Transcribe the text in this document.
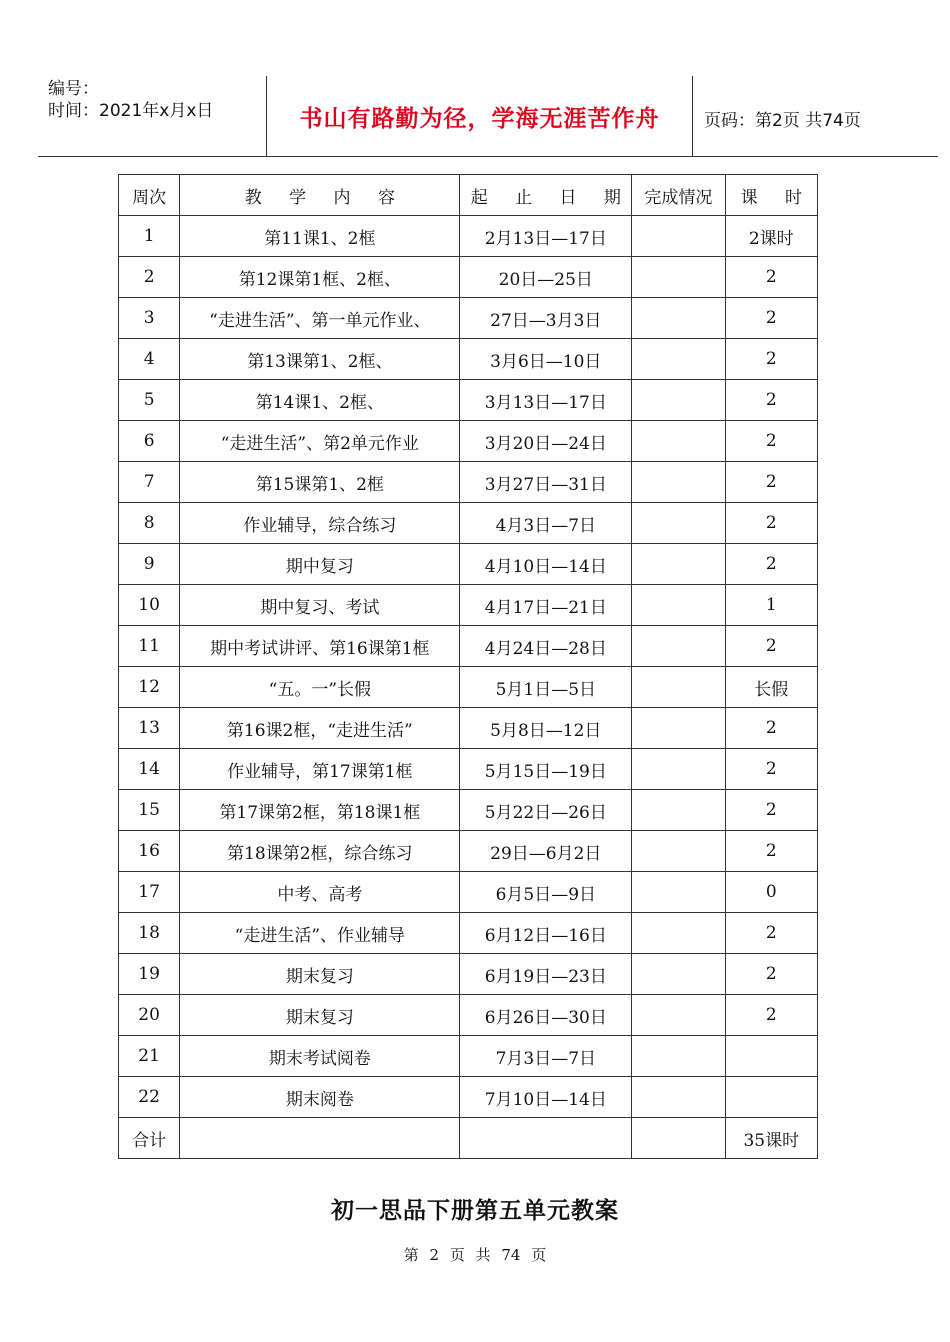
编号：
时间：2021年x月x日	书山有路勤为径，学海无涯苦作舟	页码：第2页 共74页
周次	教 学 内 容	起 止 日 期	完成情况	课 时
1	第11课1、2框	2月13日—17日		2课时
2	第12课第1框、2框、	20日—25日		2
3	“走进生活”、第一单元作业、	27日—3月3日		2
4	第13课第1、2框、	3月6日—10日		2
5	第14课1、2框、	3月13日—17日		2
6	“走进生活”、第2单元作业	3月20日—24日		2
7	第15课第1、2框	3月27日—31日		2
8	作业辅导，综合练习	4月3日—7日		2
9	期中复习	4月10日—14日		2
10	期中复习、考试	4月17日—21日		1
11	期中考试讲评、第16课第1框	4月24日—28日		2
12	“五。一”长假	5月1日—5日		长假
13	第16课2框，“走进生活”	5月8日—12日		2
14	作业辅导，第17课第1框	5月15日—19日		2
15	第17课第2框，第18课1框	5月22日—26日		2
16	第18课第2框，综合练习	29日—6月2日		2
17	中考、高考	6月5日—9日		0
18	“走进生活”、作业辅导	6月12日—16日		2
19	期末复习	6月19日—23日		2
20	期末复习	6月26日—30日		2
21	期末考试阅卷	7月3日—7日		
22	期末阅卷	7月10日—14日		
合计				35课时
初一思品下册第五单元教案
第 2 页 共 74 页
